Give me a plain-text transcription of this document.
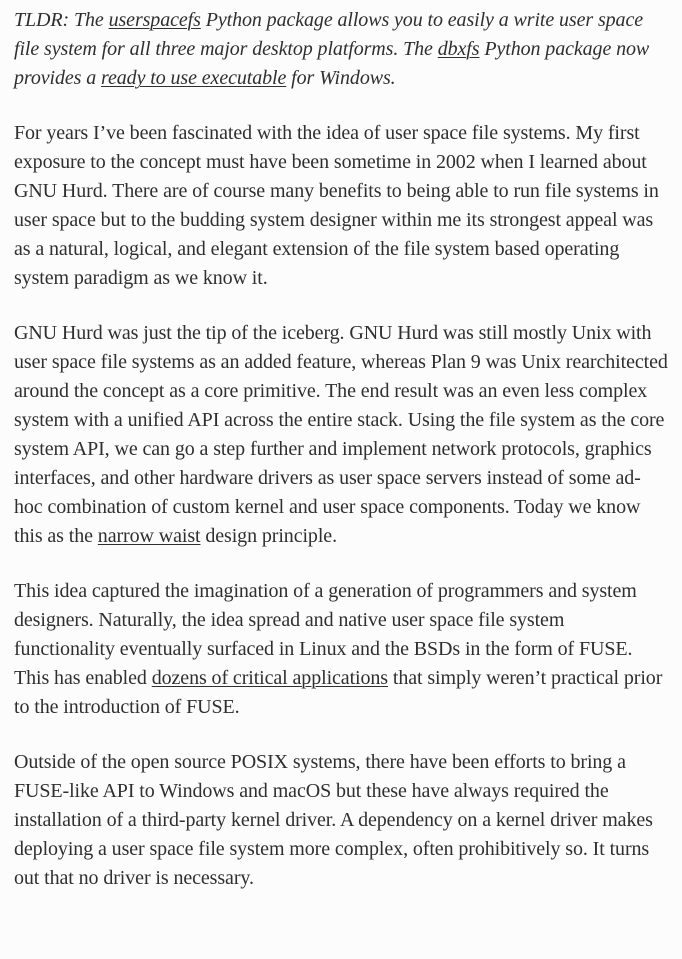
TLDR: The userspacefs Python package allows you to easily a write user space file system for all three major desktop platforms. The dbxfs Python package now provides a ready to use executable for Windows.

For years I’ve been fascinated with the idea of user space file systems. My first exposure to the concept must have been sometime in 2002 when I learned about GNU Hurd. There are of course many benefits to being able to run file systems in user space but to the budding system designer within me its strongest appeal was as a natural, logical, and elegant extension of the file system based operating system paradigm as we know it.

GNU Hurd was just the tip of the iceberg. GNU Hurd was still mostly Unix with user space file systems as an added feature, whereas Plan 9 was Unix rearchitected around the concept as a core primitive. The end result was an even less complex system with a unified API across the entire stack. Using the file system as the core system API, we can go a step further and implement network protocols, graphics interfaces, and other hardware drivers as user space servers instead of some ad-hoc combination of custom kernel and user space components. Today we know this as the narrow waist design principle.

This idea captured the imagination of a generation of programmers and system designers. Naturally, the idea spread and native user space file system functionality eventually surfaced in Linux and the BSDs in the form of FUSE. This has enabled dozens of critical applications that simply weren’t practical prior to the introduction of FUSE.

Outside of the open source POSIX systems, there have been efforts to bring a FUSE-like API to Windows and macOS but these have always required the installation of a third-party kernel driver. A dependency on a kernel driver makes deploying a user space file system more complex, often prohibitively so. It turns out that no driver is necessary.
